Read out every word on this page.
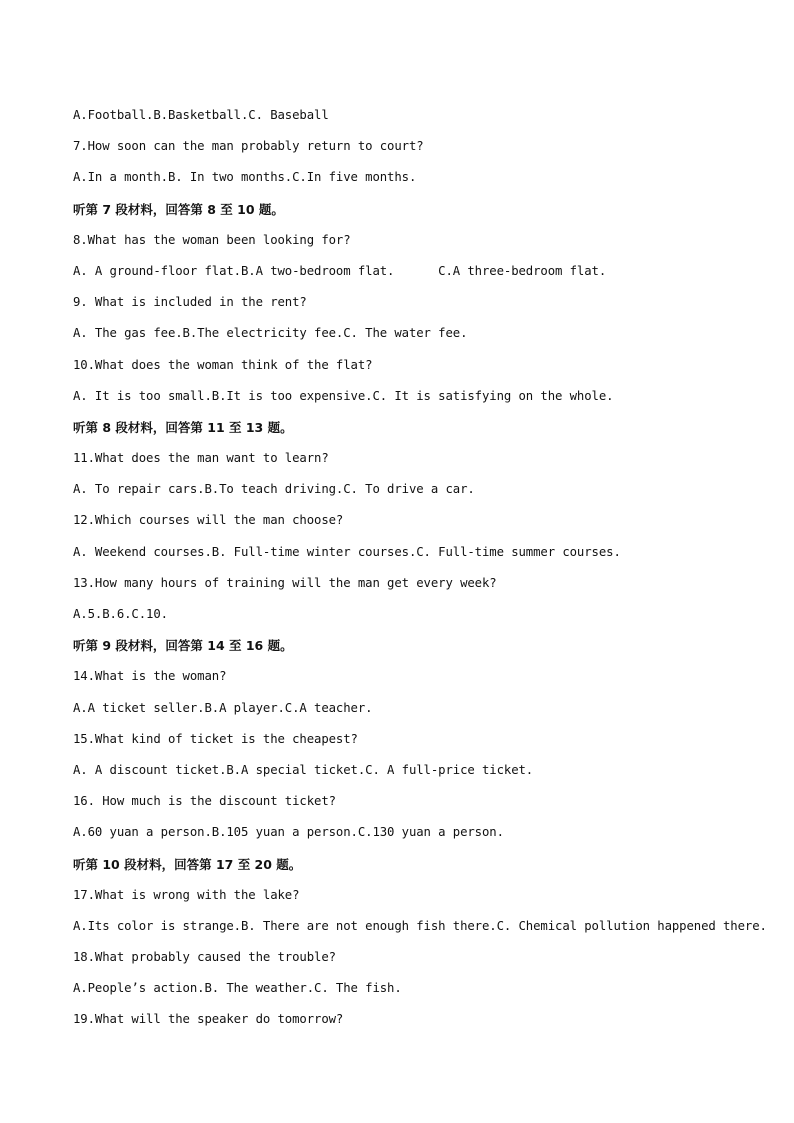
A.Football.B.Basketball.C. Baseball
7.How soon can the man probably return to court?
A.In a month.B. In two months.C.In five months.
听第 7 段材料，回答第 8 至 10 题。
8.What has the woman been looking for?
A. A ground-floor flat.B.A two-bedroom flat.      C.A three-bedroom flat.
9. What is included in the rent?
A. The gas fee.B.The electricity fee.C. The water fee.
10.What does the woman think of the flat?
A. It is too small.B.It is too expensive.C. It is satisfying on the whole.
听第 8 段材料，回答第 11 至 13 题。
11.What does the man want to learn?
A. To repair cars.B.To teach driving.C. To drive a car.
12.Which courses will the man choose?
A. Weekend courses.B. Full-time winter courses.C. Full-time summer courses.
13.How many hours of training will the man get every week?
A.5.B.6.C.10.
听第 9 段材料，回答第 14 至 16 题。
14.What is the woman?
A.A ticket seller.B.A player.C.A teacher.
15.What kind of ticket is the cheapest?
A. A discount ticket.B.A special ticket.C. A full-price ticket.
16. How much is the discount ticket?
A.60 yuan a person.B.105 yuan a person.C.130 yuan a person.
听第 10 段材料，回答第 17 至 20 题。
17.What is wrong with the lake?
A.Its color is strange.B. There are not enough fish there.C. Chemical pollution happened there.
18.What probably caused the trouble?
A.People’s action.B. The weather.C. The fish.
19.What will the speaker do tomorrow?
